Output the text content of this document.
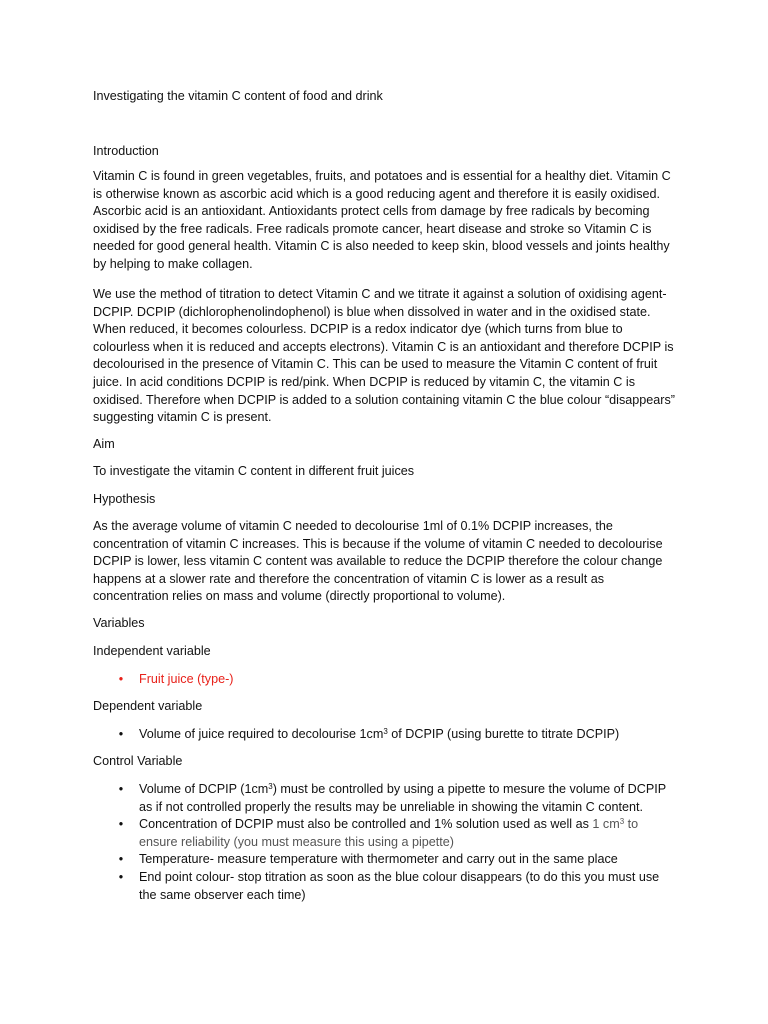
Investigating the vitamin C content of food and drink

Introduction

Vitamin C is found in green vegetables, fruits, and potatoes and is essential for a healthy diet. Vitamin C is otherwise known as ascorbic acid which is a good reducing agent and therefore it is easily oxidised. Ascorbic acid is an antioxidant. Antioxidants protect cells from damage by free radicals by becoming oxidised by the free radicals. Free radicals promote cancer, heart disease and stroke so Vitamin C is needed for good general health. Vitamin C is also needed to keep skin, blood vessels and joints healthy by helping to make collagen.

We use the method of titration to detect Vitamin C and we titrate it against a solution of oxidising agent- DCPIP. DCPIP (dichlorophenolindophenol) is blue when dissolved in water and in the oxidised state. When reduced, it becomes colourless. DCPIP is a redox indicator dye (which turns from blue to colourless when it is reduced and accepts electrons). Vitamin C is an antioxidant and therefore DCPIP is decolourised in the presence of Vitamin C. This can be used to measure the Vitamin C content of fruit juice. In acid conditions DCPIP is red/pink. When DCPIP is reduced by vitamin C, the vitamin C is oxidised. Therefore when DCPIP is added to a solution containing vitamin C the blue colour “disappears” suggesting vitamin C is present.

Aim

To investigate the vitamin C content in different fruit juices

Hypothesis

As the average volume of vitamin C needed to decolourise 1ml of 0.1% DCPIP increases, the concentration of vitamin C increases. This is because if the volume of vitamin C needed to decolourise DCPIP is lower, less vitamin C content was available to reduce the DCPIP therefore the colour change happens at a slower rate and therefore the concentration of vitamin C is lower as a result as concentration relies on mass and volume (directly proportional to volume).

Variables

Independent variable

• Fruit juice (type-)

Dependent variable

• Volume of juice required to decolourise $1cm^3$ of DCPIP (using burette to titrate DCPIP)

Control Variable

• Volume of DCPIP $(1cm^3)$ must be controlled by using a pipette to mesure the volume of DCPIP as if not controlled properly the results may be unreliable in showing the vitamin C content.
• Concentration of DCPIP must also be controlled and 1% solution used as well as 1 $cm^3$ to ensure reliability (you must measure this using a pipette)
• Temperature- measure temperature with thermometer and carry out in the same place
• End point colour- stop titration as soon as the blue colour disappears (to do this you must use the same observer each time)
